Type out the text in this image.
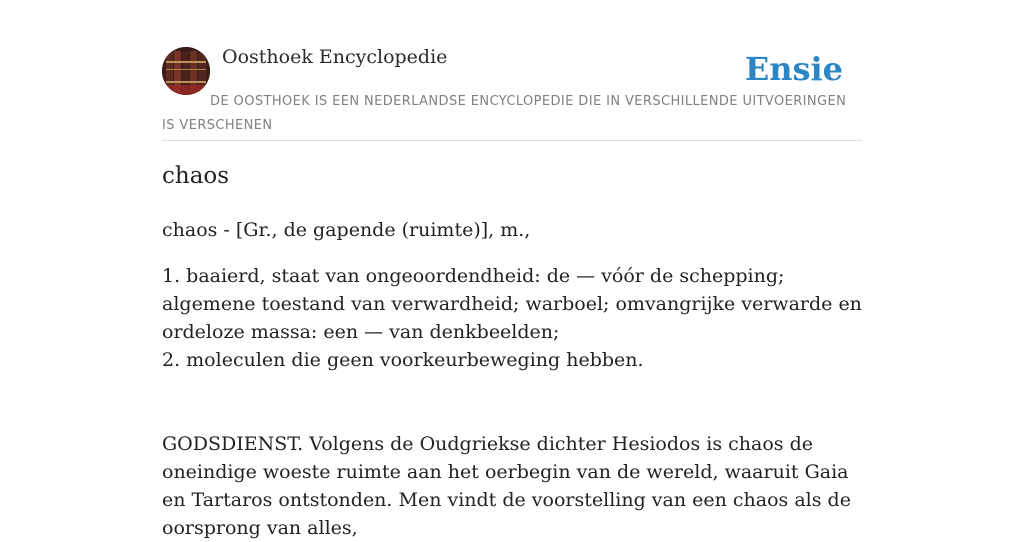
Oosthoek Encyclopedie	Ensie
DE OOSTHOEK IS EEN NEDERLANDSE ENCYCLOPEDIE DIE IN VERSCHILLENDE UITVOERINGEN IS VERSCHENEN
chaos

chaos - [Gr., de gapende (ruimte)], m.,

1. baaierd, staat van ongeoordendheid: de — vóór de schepping; algemene toestand van verwardheid; warboel; omvangrijke verwarde en ordeloze massa: een — van denkbeelden;

2. moleculen die geen voorkeurbeweging hebben.

GODSDIENST. Volgens de Oudgriekse dichter Hesiodos is chaos de oneindige woeste ruimte aan het oerbegin van de wereld, waaruit Gaia en Tartaros ontstonden. Men vindt de voorstelling van een chaos als de oorsprong van alles,
